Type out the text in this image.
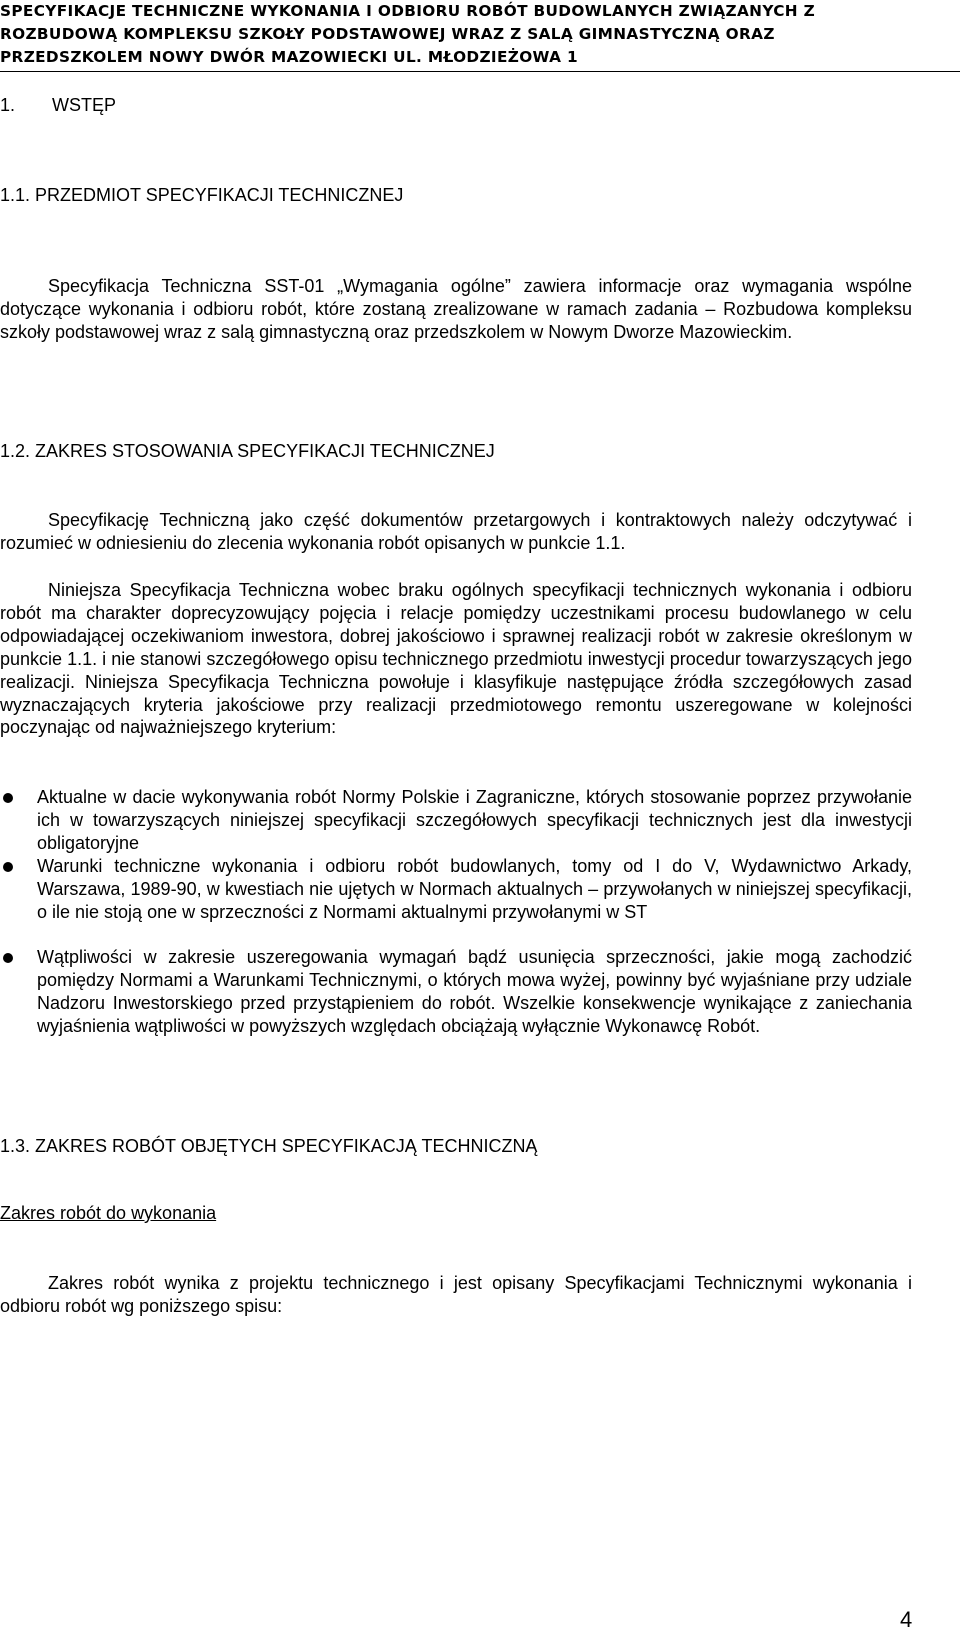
SPECYFIKACJE TECHNICZNE WYKONANIA I ODBIORU ROBÓT BUDOWLANYCH ZWIĄZANYCH Z
ROZBUDOWĄ KOMPLEKSU SZKOŁY PODSTAWOWEJ WRAZ Z SALĄ GIMNASTYCZNĄ ORAZ
PRZEDSZKOLEM NOWY DWÓR MAZOWIECKI UL. MŁODZIEŻOWA 1
1. WSTĘP
1.1. PRZEDMIOT SPECYFIKACJI TECHNICZNEJ

Specyfikacja Techniczna SST-01 „Wymagania ogólne” zawiera informacje oraz wymagania wspólne dotyczące wykonania i odbioru robót, które zostaną zrealizowane w ramach zadania – Rozbudowa kompleksu szkoły podstawowej wraz z salą gimnastyczną oraz przedszkolem w Nowym Dworze Mazowieckim.

1.2. ZAKRES STOSOWANIA SPECYFIKACJI TECHNICZNEJ

Specyfikację Techniczną jako część dokumentów przetargowych i kontraktowych należy odczytywać i rozumieć w odniesieniu do zlecenia wykonania robót opisanych w punkcie 1.1.

Niniejsza Specyfikacja Techniczna wobec braku ogólnych specyfikacji technicznych wykonania i odbioru robót ma charakter doprecyzowujący pojęcia i relacje pomiędzy uczestnikami procesu budowlanego w celu odpowiadającej oczekiwaniom inwestora, dobrej jakościowo i sprawnej realizacji robót w zakresie określonym w punkcie 1.1. i nie stanowi szczegółowego opisu technicznego przedmiotu inwestycji procedur towarzyszących jego realizacji. Niniejsza Specyfikacja Techniczna powołuje i klasyfikuje następujące źródła szczegółowych zasad wyznaczających kryteria jakościowe przy realizacji przedmiotowego remontu uszeregowane w kolejności poczynając od najważniejszego kryterium:

Aktualne w dacie wykonywania robót Normy Polskie i Zagraniczne, których stosowanie poprzez przywołanie ich w towarzyszących niniejszej specyfikacji szczegółowych specyfikacji technicznych jest dla inwestycji obligatoryjne

Warunki techniczne wykonania i odbioru robót budowlanych, tomy od I do V, Wydawnictwo Arkady, Warszawa, 1989-90, w kwestiach nie ujętych w Normach aktualnych – przywołanych w niniejszej specyfikacji, o ile nie stoją one w sprzeczności z Normami aktualnymi przywołanymi w ST

Wątpliwości w zakresie uszeregowania wymagań bądź usunięcia sprzeczności, jakie mogą zachodzić pomiędzy Normami a Warunkami Technicznymi, o których mowa wyżej, powinny być wyjaśniane przy udziale Nadzoru Inwestorskiego przed przystąpieniem do robót. Wszelkie konsekwencje wynikające z zaniechania wyjaśnienia wątpliwości w powyższych względach obciążają wyłącznie Wykonawcę Robót.

1.3. ZAKRES ROBÓT OBJĘTYCH SPECYFIKACJĄ TECHNICZNĄ
Zakres robót do wykonania

Zakres robót wynika z projektu technicznego i jest opisany Specyfikacjami Technicznymi wykonania i odbioru robót wg poniższego spisu:

4
